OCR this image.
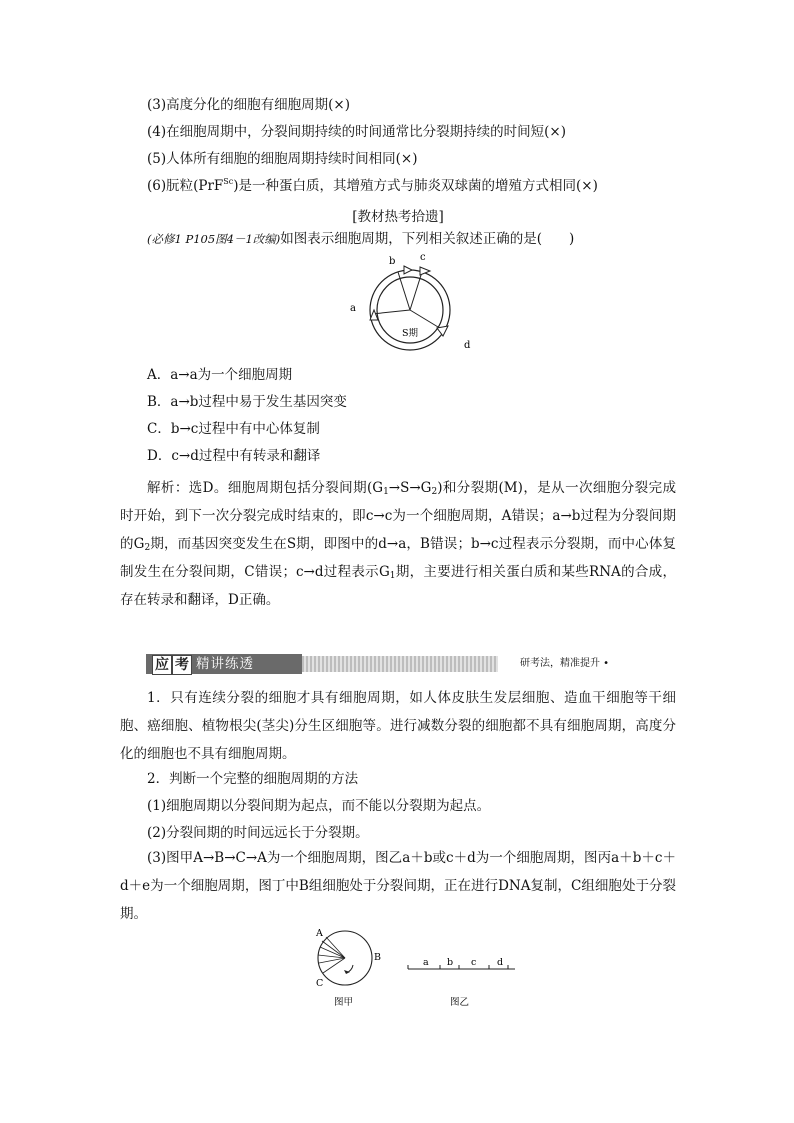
(3)高度分化的细胞有细胞周期(×)
(4)在细胞周期中，分裂间期持续的时间通常比分裂期持续的时间短(×)
(5)人体所有细胞的细胞周期持续时间相同(×)
(6)朊粒(PrF$^{Sc}$)是一种蛋白质，其增殖方式与肺炎双球菌的增殖方式相同(×)
[教材热考拾遗]
(必修1 P105图4－1改编)如图表示细胞周期，下列相关叙述正确的是(　　)
b c
a
d
S期
A．a→a为一个细胞周期
B．a→b过程中易于发生基因突变
C．b→c过程中有中心体复制
D．c→d过程中有转录和翻译
解析：选D。细胞周期包括分裂间期$(G_1\to S\to G_2)$和分裂期(M)，是从一次细胞分裂完成时开始，到下一次分裂完成时结束的，即c→c为一个细胞周期，A错误；a→b过程为分裂间期的$G_2$期，而基因突变发生在S期，即图中的d→a，B错误；b→c过程表示分裂期，而中心体复制发生在分裂间期，C错误；c→d过程表示$G_1$期，主要进行相关蛋白质和某些RNA的合成，存在转录和翻译，D正确。
应 考 精讲练透	研考法，精准提升 •
1．只有连续分裂的细胞才具有细胞周期，如人体皮肤生发层细胞、造血干细胞等干细胞、癌细胞、植物根尖(茎尖)分生区细胞等。进行减数分裂的细胞都不具有细胞周期，高度分化的细胞也不具有细胞周期。
2．判断一个完整的细胞周期的方法
(1)细胞周期以分裂间期为起点，而不能以分裂期为起点。
(2)分裂间期的时间远远长于分裂期。
(3)图甲A→B→C→A为一个细胞周期，图乙a＋b或c＋d为一个细胞周期，图丙a＋b＋c＋d＋e为一个细胞周期，图丁中B组细胞处于分裂间期，正在进行DNA复制，C组细胞处于分裂期。
A
B
C
图甲
a b c d
图乙
